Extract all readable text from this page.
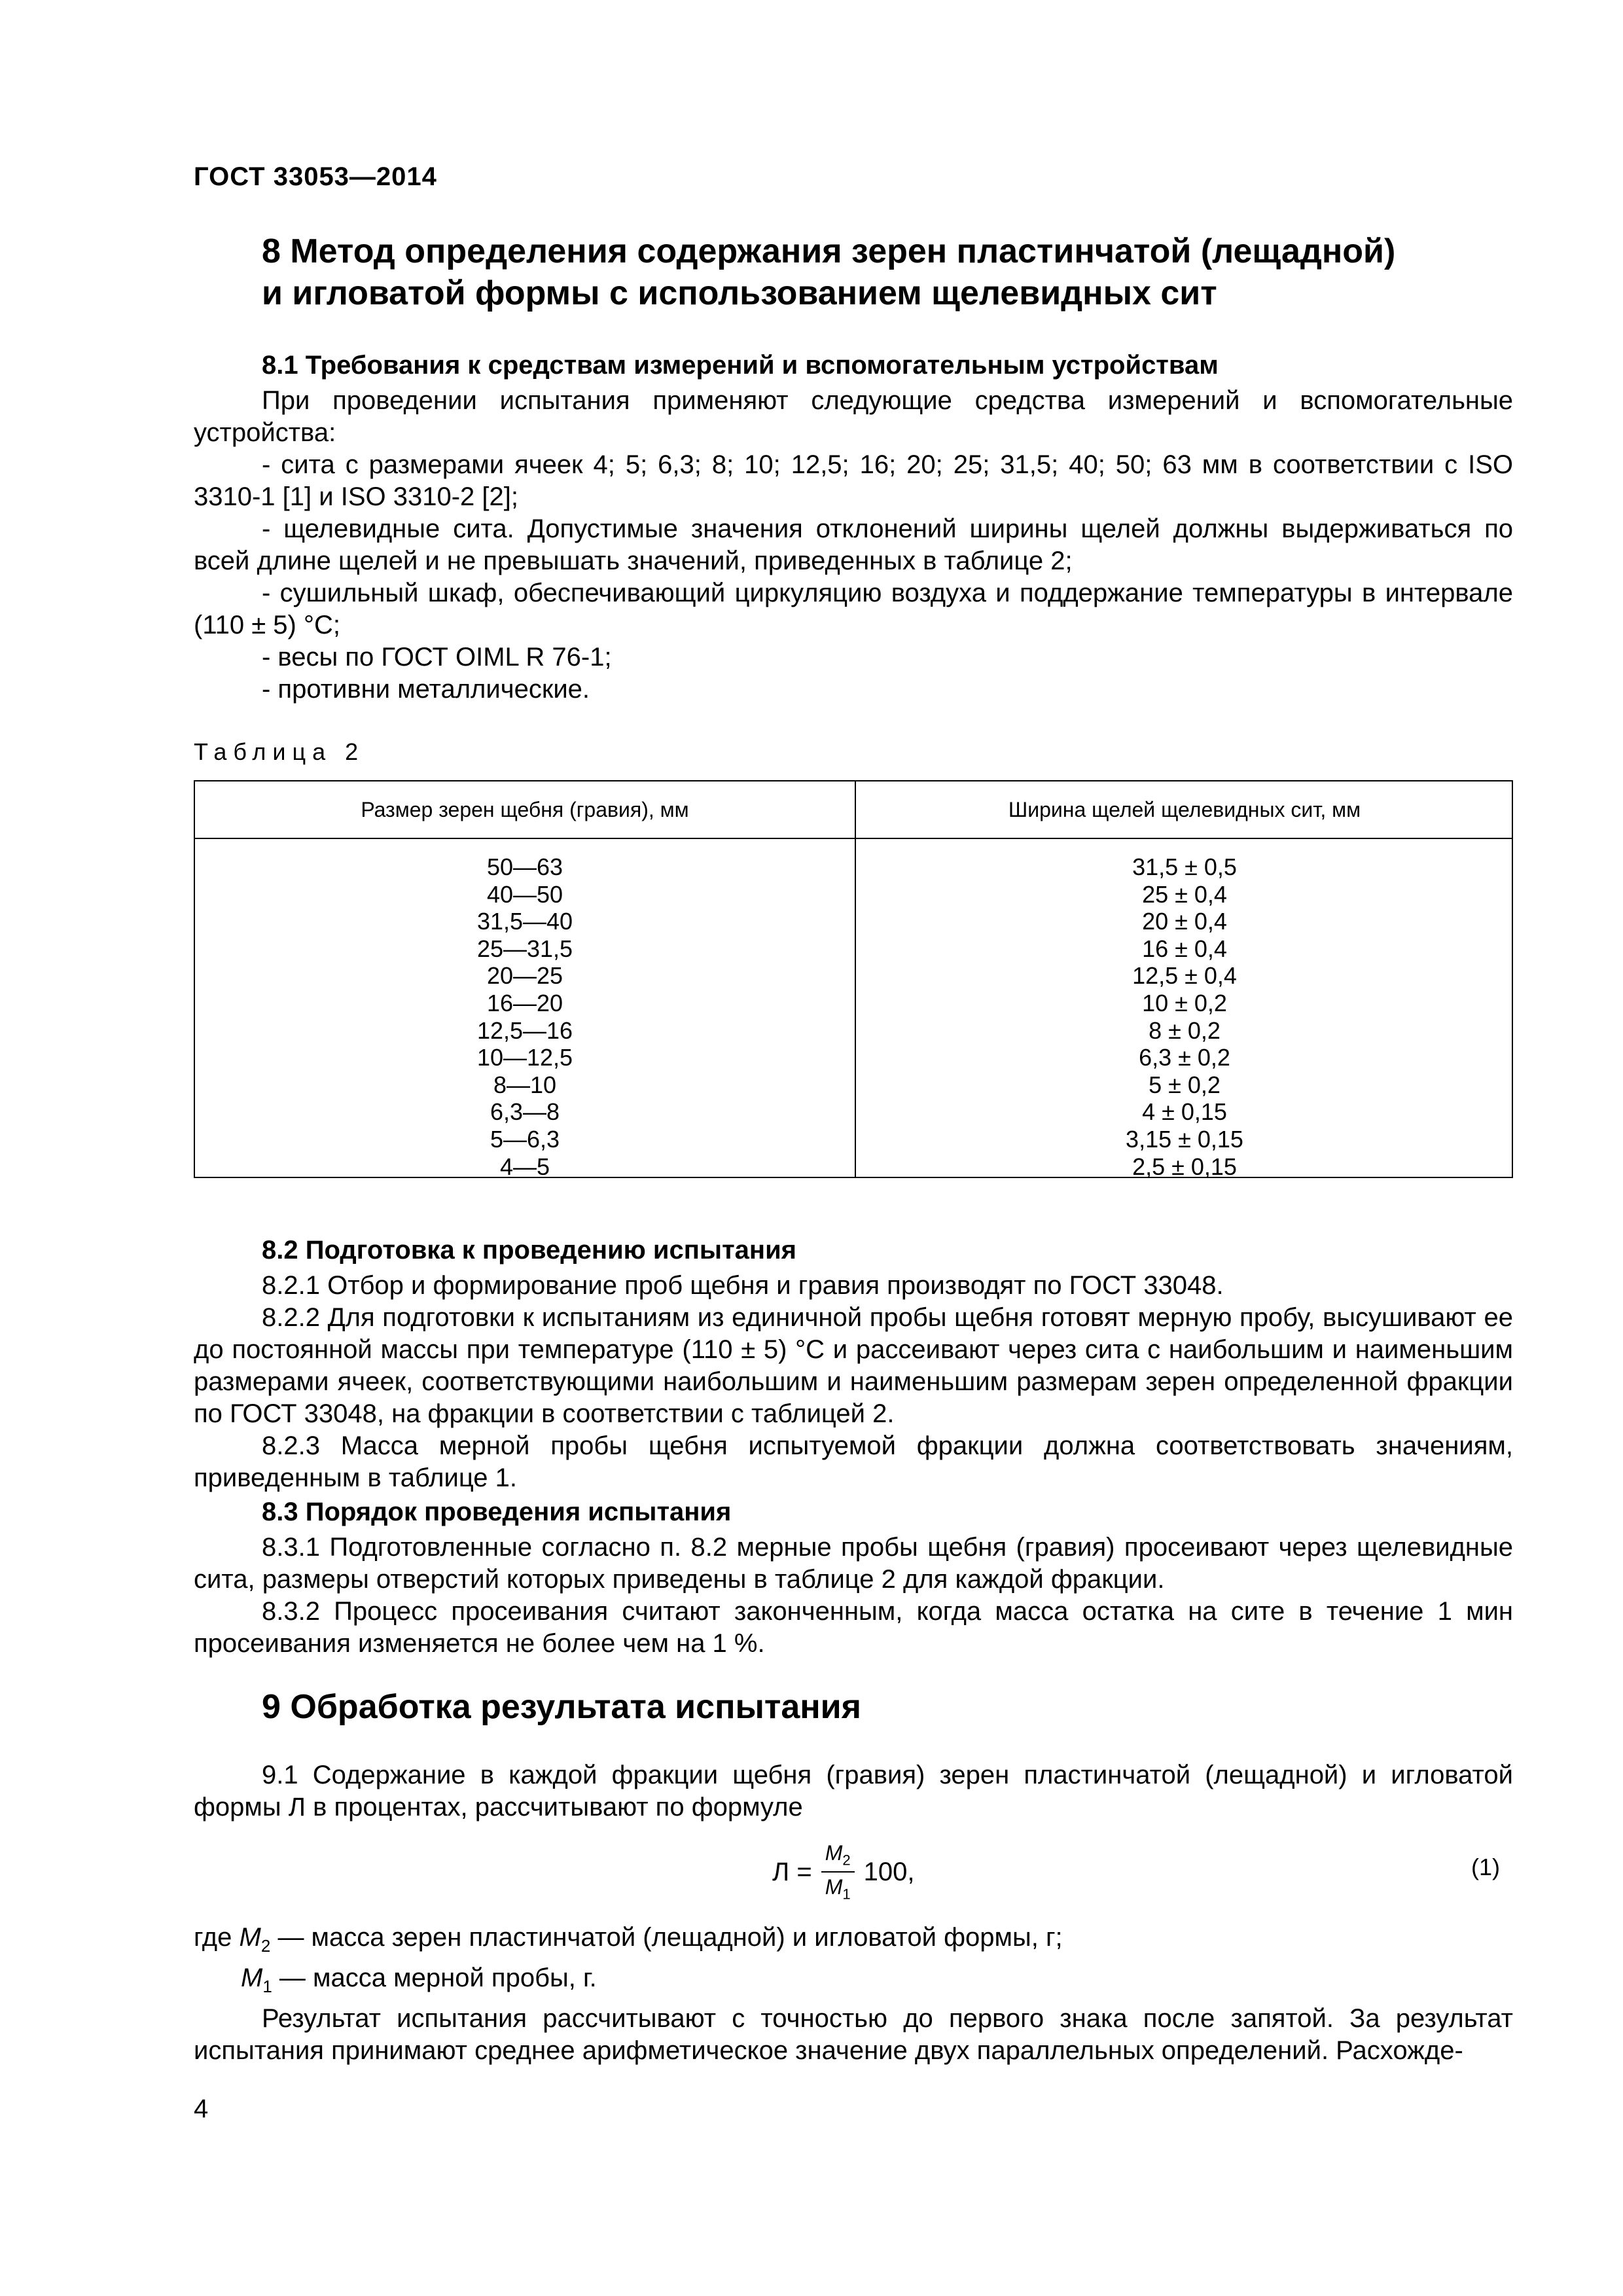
ГОСТ 33053—2014
8 Метод определения содержания зерен пластинчатой (лещадной)
и игловатой формы с использованием щелевидных сит
8.1 Требования к средствам измерений и вспомогательным устройствам

При проведении испытания применяют следующие средства измерений и вспомогательные устройства:

- сита с размерами ячеек 4; 5; 6,3; 8; 10; 12,5; 16; 20; 25; 31,5; 40; 50; 63 мм в соответствии с ISO 3310-1 [1] и ISO 3310-2 [2];

- щелевидные сита. Допустимые значения отклонений ширины щелей должны выдерживаться по всей длине щелей и не превышать значений, приведенных в таблице 2;

- сушильный шкаф, обеспечивающий циркуляцию воздуха и поддержание температуры в интервале (110 ± 5) °С;

- весы по ГОСТ OIML R 76-1;

- противни металлические.

Таблица 2
Размер зерен щебня (гравия), мм	Ширина щелей щелевидных сит, мм
50—63
40—50
31,5—40
25—31,5
20—25
16—20
12,5—16
10—12,5
8—10
6,3—8
5—6,3
4—5
31,5 ± 0,5
25 ± 0,4
20 ± 0,4
16 ± 0,4
12,5 ± 0,4
10 ± 0,2
8 ± 0,2
6,3 ± 0,2
5 ± 0,2
4 ± 0,15
3,15 ± 0,15
2,5 ± 0,15
8.2 Подготовка к проведению испытания

8.2.1 Отбор и формирование проб щебня и гравия производят по ГОСТ 33048.

8.2.2 Для подготовки к испытаниям из единичной пробы щебня готовят мерную пробу, высушивают ее до постоянной массы при температуре (110 ± 5) °С и рассеивают через сита с наибольшим и наименьшим размерами ячеек, соответствующими наибольшим и наименьшим размерам зерен определенной фракции по ГОСТ 33048, на фракции в соответствии с таблицей 2.

8.2.3 Масса мерной пробы щебня испытуемой фракции должна соответствовать значениям, приведенным в таблице 1.

8.3 Порядок проведения испытания

8.3.1 Подготовленные согласно п. 8.2 мерные пробы щебня (гравия) просеивают через щелевидные сита, размеры отверстий которых приведены в таблице 2 для каждой фракции.

8.3.2 Процесс просеивания считают законченным, когда масса остатка на сите в течение 1 мин просеивания изменяется не более чем на 1 %.

9 Обработка результата испытания

9.1 Содержание в каждой фракции щебня (гравия) зерен пластинчатой (лещадной) и игловатой формы Л в процентах, рассчитывают по формуле

$Л = \frac{M_2}{M_1} 100$,	(1)

где $M_2$ — масса зерен пластинчатой (лещадной) и игловатой формы, г;

$M_1$ — масса мерной пробы, г.

Результат испытания рассчитывают с точностью до первого знака после запятой. За результат испытания принимают среднее арифметическое значение двух параллельных определений. Расхожде-

4
